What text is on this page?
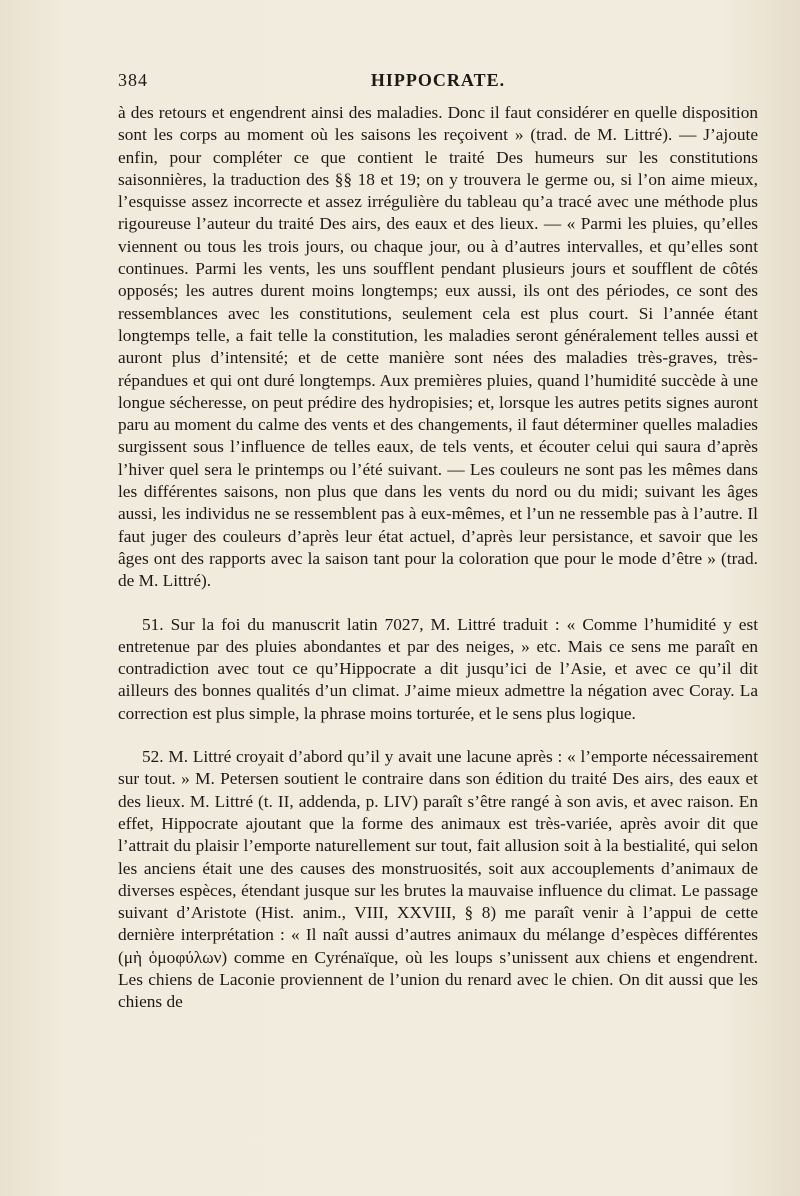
384	HIPPOCRATE.

à des retours et engendrent ainsi des maladies. Donc il faut considérer en quelle disposition sont les corps au moment où les saisons les reçoivent » (trad. de M. Littré). — J’ajoute enfin, pour compléter ce que contient le traité Des humeurs sur les constitutions saisonnières, la traduction des §§ 18 et 19; on y trouvera le germe ou, si l’on aime mieux, l’esquisse assez incorrecte et assez irrégulière du tableau qu’a tracé avec une méthode plus rigoureuse l’auteur du traité Des airs, des eaux et des lieux. — « Parmi les pluies, qu’elles viennent ou tous les trois jours, ou chaque jour, ou à d’autres intervalles, et qu’elles sont continues. Parmi les vents, les uns soufflent pendant plusieurs jours et soufflent de côtés opposés; les autres durent moins longtemps; eux aussi, ils ont des périodes, ce sont des ressemblances avec les constitutions, seulement cela est plus court. Si l’année étant longtemps telle, a fait telle la constitution, les maladies seront généralement telles aussi et auront plus d’intensité; et de cette manière sont nées des maladies très-graves, très-répandues et qui ont duré longtemps. Aux premières pluies, quand l’humidité succède à une longue sécheresse, on peut prédire des hydropisies; et, lorsque les autres petits signes auront paru au moment du calme des vents et des changements, il faut déterminer quelles maladies surgissent sous l’influence de telles eaux, de tels vents, et écouter celui qui saura d’après l’hiver quel sera le printemps ou l’été suivant. — Les couleurs ne sont pas les mêmes dans les différentes saisons, non plus que dans les vents du nord ou du midi; suivant les âges aussi, les individus ne se ressemblent pas à eux-mêmes, et l’un ne ressemble pas à l’autre. Il faut juger des couleurs d’après leur état actuel, d’après leur persistance, et savoir que les âges ont des rapports avec la saison tant pour la coloration que pour le mode d’être » (trad. de M. Littré).

51. Sur la foi du manuscrit latin 7027, M. Littré traduit : « Comme l’humidité y est entretenue par des pluies abondantes et par des neiges, » etc. Mais ce sens me paraît en contradiction avec tout ce qu’Hippocrate a dit jusqu’ici de l’Asie, et avec ce qu’il dit ailleurs des bonnes qualités d’un climat. J’aime mieux admettre la négation avec Coray. La correction est plus simple, la phrase moins torturée, et le sens plus logique.

52. M. Littré croyait d’abord qu’il y avait une lacune après : « l’emporte nécessairement sur tout. » M. Petersen soutient le contraire dans son édition du traité Des airs, des eaux et des lieux. M. Littré (t. II, addenda, p. LIV) paraît s’être rangé à son avis, et avec raison. En effet, Hippocrate ajoutant que la forme des animaux est très-variée, après avoir dit que l’attrait du plaisir l’emporte naturellement sur tout, fait allusion soit à la bestialité, qui selon les anciens était une des causes des monstruosités, soit aux accouplements d’animaux de diverses espèces, étendant jusque sur les brutes la mauvaise influence du climat. Le passage suivant d’Aristote (Hist. anim., VIII, XXVIII, § 8) me paraît venir à l’appui de cette dernière interprétation : « Il naît aussi d’autres animaux du mélange d’espèces différentes (μὴ ὁμοφύλων) comme en Cyrénaïque, où les loups s’unissent aux chiens et engendrent. Les chiens de Laconie proviennent de l’union du renard avec le chien. On dit aussi que les chiens de
